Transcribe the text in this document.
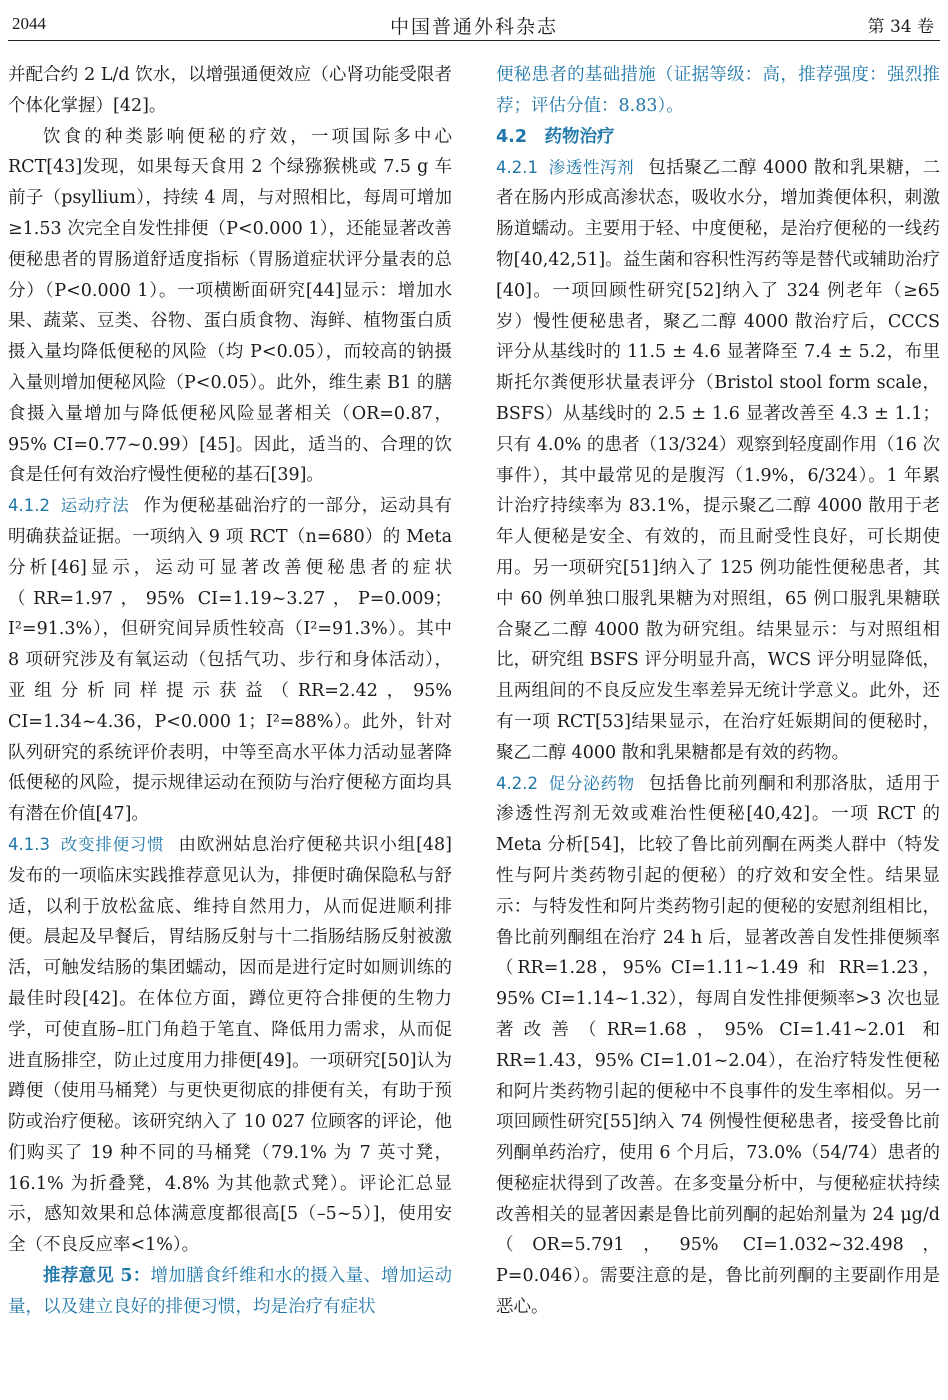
2044	中国普通外科杂志	第 34 卷

并配合约 2 L/d 饮水，以增强通便效应（心肾功能受限者个体化掌握）[42]。

饮食的种类影响便秘的疗效，一项国际多中心 RCT[43]发现，如果每天食用 2 个绿猕猴桃或 7.5 g 车前子（psyllium），持续 4 周，与对照相比，每周可增加≥1.53 次完全自发性排便（P<0.000 1），还能显著改善便秘患者的胃肠道舒适度指标（胃肠道症状评分量表的总分）（P<0.000 1）。一项横断面研究[44]显示：增加水果、蔬菜、豆类、谷物、蛋白质食物、海鲜、植物蛋白质摄入量均降低便秘的风险（均 P<0.05），而较高的钠摄入量则增加便秘风险（P<0.05）。此外，维生素 B1 的膳食摄入量增加与降低便秘风险显著相关（OR=0.87，95% CI=0.77~0.99）[45]。因此，适当的、合理的饮食是任何有效治疗慢性便秘的基石[39]。

4.1.2 运动疗法 作为便秘基础治疗的一部分，运动具有明确获益证据。一项纳入 9 项 RCT（n=680）的 Meta 分析[46]显示，运动可显著改善便秘患者的症状（RR=1.97，95% CI=1.19~3.27，P=0.009；I²=91.3%），但研究间异质性较高（I²=91.3%）。其中 8 项研究涉及有氧运动（包括气功、步行和身体活动），亚组分析同样提示获益（RR=2.42，95% CI=1.34~4.36，P<0.000 1；I²=88%）。此外，针对队列研究的系统评价表明，中等至高水平体力活动显著降低便秘的风险，提示规律运动在预防与治疗便秘方面均具有潜在价值[47]。

4.1.3 改变排便习惯 由欧洲姑息治疗便秘共识小组[48]发布的一项临床实践推荐意见认为，排便时确保隐私与舒适，以利于放松盆底、维持自然用力，从而促进顺利排便。晨起及早餐后，胃结肠反射与十二指肠结肠反射被激活，可触发结肠的集团蠕动，因而是进行定时如厕训练的最佳时段[42]。在体位方面，蹲位更符合排便的生物力学，可使直肠–肛门角趋于笔直、降低用力需求，从而促进直肠排空，防止过度用力排便[49]。一项研究[50]认为蹲便（使用马桶凳）与更快更彻底的排便有关，有助于预防或治疗便秘。该研究纳入了 10 027 位顾客的评论，他们购买了 19 种不同的马桶凳（79.1% 为 7 英寸凳，16.1% 为折叠凳，4.8% 为其他款式凳）。评论汇总显示，感知效果和总体满意度都很高[5（–5~5）]，使用安全（不良反应率<1%）。

推荐意见 5：增加膳食纤维和水的摄入量、增加运动量，以及建立良好的排便习惯，均是治疗有症状

便秘患者的基础措施（证据等级：高，推荐强度：强烈推荐；评估分值：8.83）。

4.2　药物治疗

4.2.1 渗透性泻剂 包括聚乙二醇 4000 散和乳果糖，二者在肠内形成高渗状态，吸收水分，增加粪便体积，刺激肠道蠕动。主要用于轻、中度便秘，是治疗便秘的一线药物[40,42,51]。益生菌和容积性泻药等是替代或辅助治疗[40]。一项回顾性研究[52]纳入了 324 例老年（≥65 岁）慢性便秘患者，聚乙二醇 4000 散治疗后，CCCS 评分从基线时的 11.5 ± 4.6 显著降至 7.4 ± 5.2，布里斯托尔粪便形状量表评分（Bristol stool form scale，BSFS）从基线时的 2.5 ± 1.6 显著改善至 4.3 ± 1.1；只有 4.0% 的患者（13/324）观察到轻度副作用（16 次事件），其中最常见的是腹泻（1.9%，6/324）。1 年累计治疗持续率为 83.1%，提示聚乙二醇 4000 散用于老年人便秘是安全、有效的，而且耐受性良好，可长期使用。另一项研究[51]纳入了 125 例功能性便秘患者，其中 60 例单独口服乳果糖为对照组，65 例口服乳果糖联合聚乙二醇 4000 散为研究组。结果显示：与对照组相比，研究组 BSFS 评分明显升高，WCS 评分明显降低，且两组间的不良反应发生率差异无统计学意义。此外，还有一项 RCT[53]结果显示，在治疗妊娠期间的便秘时，聚乙二醇 4000 散和乳果糖都是有效的药物。

4.2.2 促分泌药物 包括鲁比前列酮和利那洛肽，适用于渗透性泻剂无效或难治性便秘[40,42]。一项 RCT 的 Meta 分析[54]，比较了鲁比前列酮在两类人群中（特发性与阿片类药物引起的便秘）的疗效和安全性。结果显示：与特发性和阿片类药物引起的便秘的安慰剂组相比，鲁比前列酮组在治疗 24 h 后，显著改善自发性排便频率（RR=1.28，95% CI=1.11~1.49 和 RR=1.23，95% CI=1.14~1.32），每周自发性排便频率>3 次也显著改善（RR=1.68，95% CI=1.41~2.01 和 RR=1.43，95% CI=1.01~2.04），在治疗特发性便秘和阿片类药物引起的便秘中不良事件的发生率相似。另一项回顾性研究[55]纳入 74 例慢性便秘患者，接受鲁比前列酮单药治疗，使用 6 个月后，73.0%（54/74）患者的便秘症状得到了改善。在多变量分析中，与便秘症状持续改善相关的显著因素是鲁比前列酮的起始剂量为 24 μg/d（OR=5.791，95% CI=1.032~32.498，P=0.046）。需要注意的是，鲁比前列酮的主要副作用是恶心。
